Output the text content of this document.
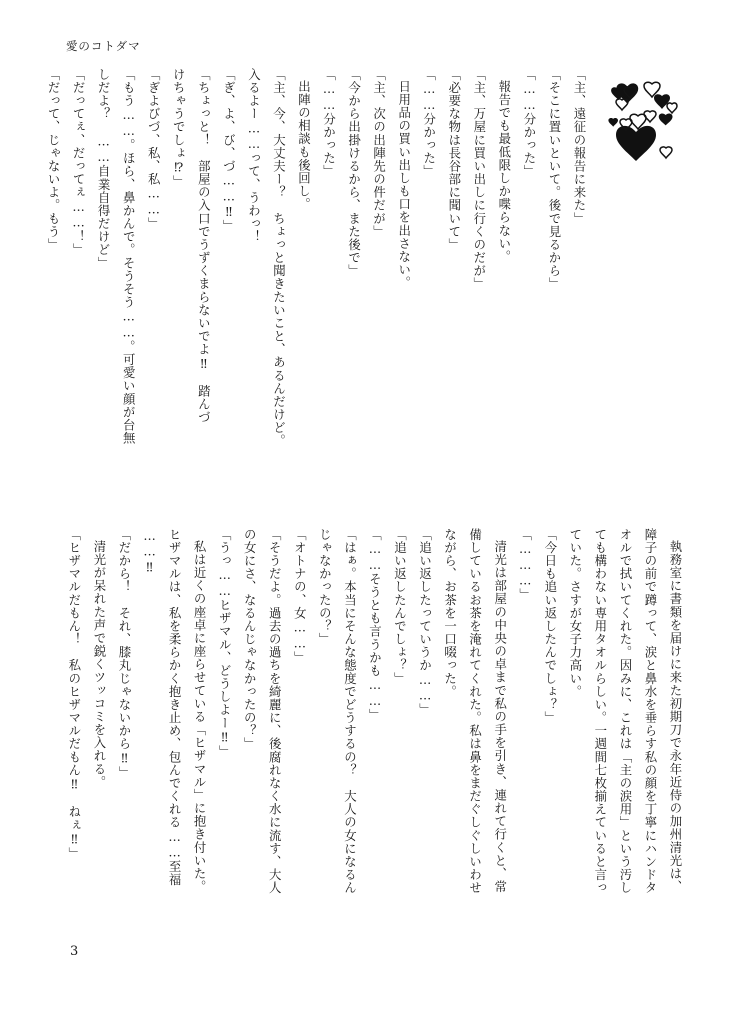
愛のコトダマ

「主、遠征の報告に来た」

「そこに置いといて。後で見るから」

「……分かった」

報告でも最低限しか喋らない。

「主、万屋に買い出しに行くのだが」

「必要な物は長谷部に聞いて」

「……分かった」

日用品の買い出しも口を出さない。

「主、次の出陣先の件だが」

「今から出掛けるから、また後で」

「……分かった」

出陣の相談も後回し。

「主、今、大丈夫ー？　ちょっと聞きたいこと、あるんだけど。

入るよー……って、うわっ！

「ぎ、よ、び、づ……‼」

「ちょっと！　部屋の入口でうずくまらないでよ‼　踏んづ

けちゃうでしょ⁉」

「ぎよびづ、私、私……」

「もう……。ほら、鼻かんで。そうそう……。可愛い顔が台無

しだよ？　……自業自得だけど」

「だってぇ、だってぇ……！」

「だって、じゃないよ。もう」

執務室に書類を届けに来た初期刀で永年近侍の加州清光は、

障子の前で蹲って、涙と鼻水を垂らす私の顔を丁寧にハンドタ

オルで拭いてくれた。因みに、これは「主の涙用」という汚し

ても構わない専用タオルらしい。一週間七枚揃えていると言っ

ていた。さすが女子力高い。

「今日も追い返したんでしょ？」

「………」

清光は部屋の中央の卓まで私の手を引き、連れて行くと、常

備しているお茶を淹れてくれた。私は鼻をまだぐしぐしいわせ

ながら、お茶を一口啜った。

「追い返したっていうか……」

「追い返したんでしょ？」

「……そうとも言うかも……」

「はぁ。本当にそんな態度でどうするの？　大人の女になるん

じゃなかったの？」

「オトナの、女……」

「そうだよ。過去の過ちを綺麗に、後腐れなく水に流す、大人

の女にさ、なるんじゃなかったの？」

「うっ……ヒザマル、どうしよー‼」

私は近くの座卓に座らせている「ヒザマル」に抱き付いた。

ヒザマルは、私を柔らかく抱き止め、包んでくれる……至福

……‼

「だから！　それ、膝丸じゃないから‼」

清光が呆れた声で鋭くツッコミを入れる。

「ヒザマルだもん！　私のヒザマルだもん‼　ねぇ‼」

3
